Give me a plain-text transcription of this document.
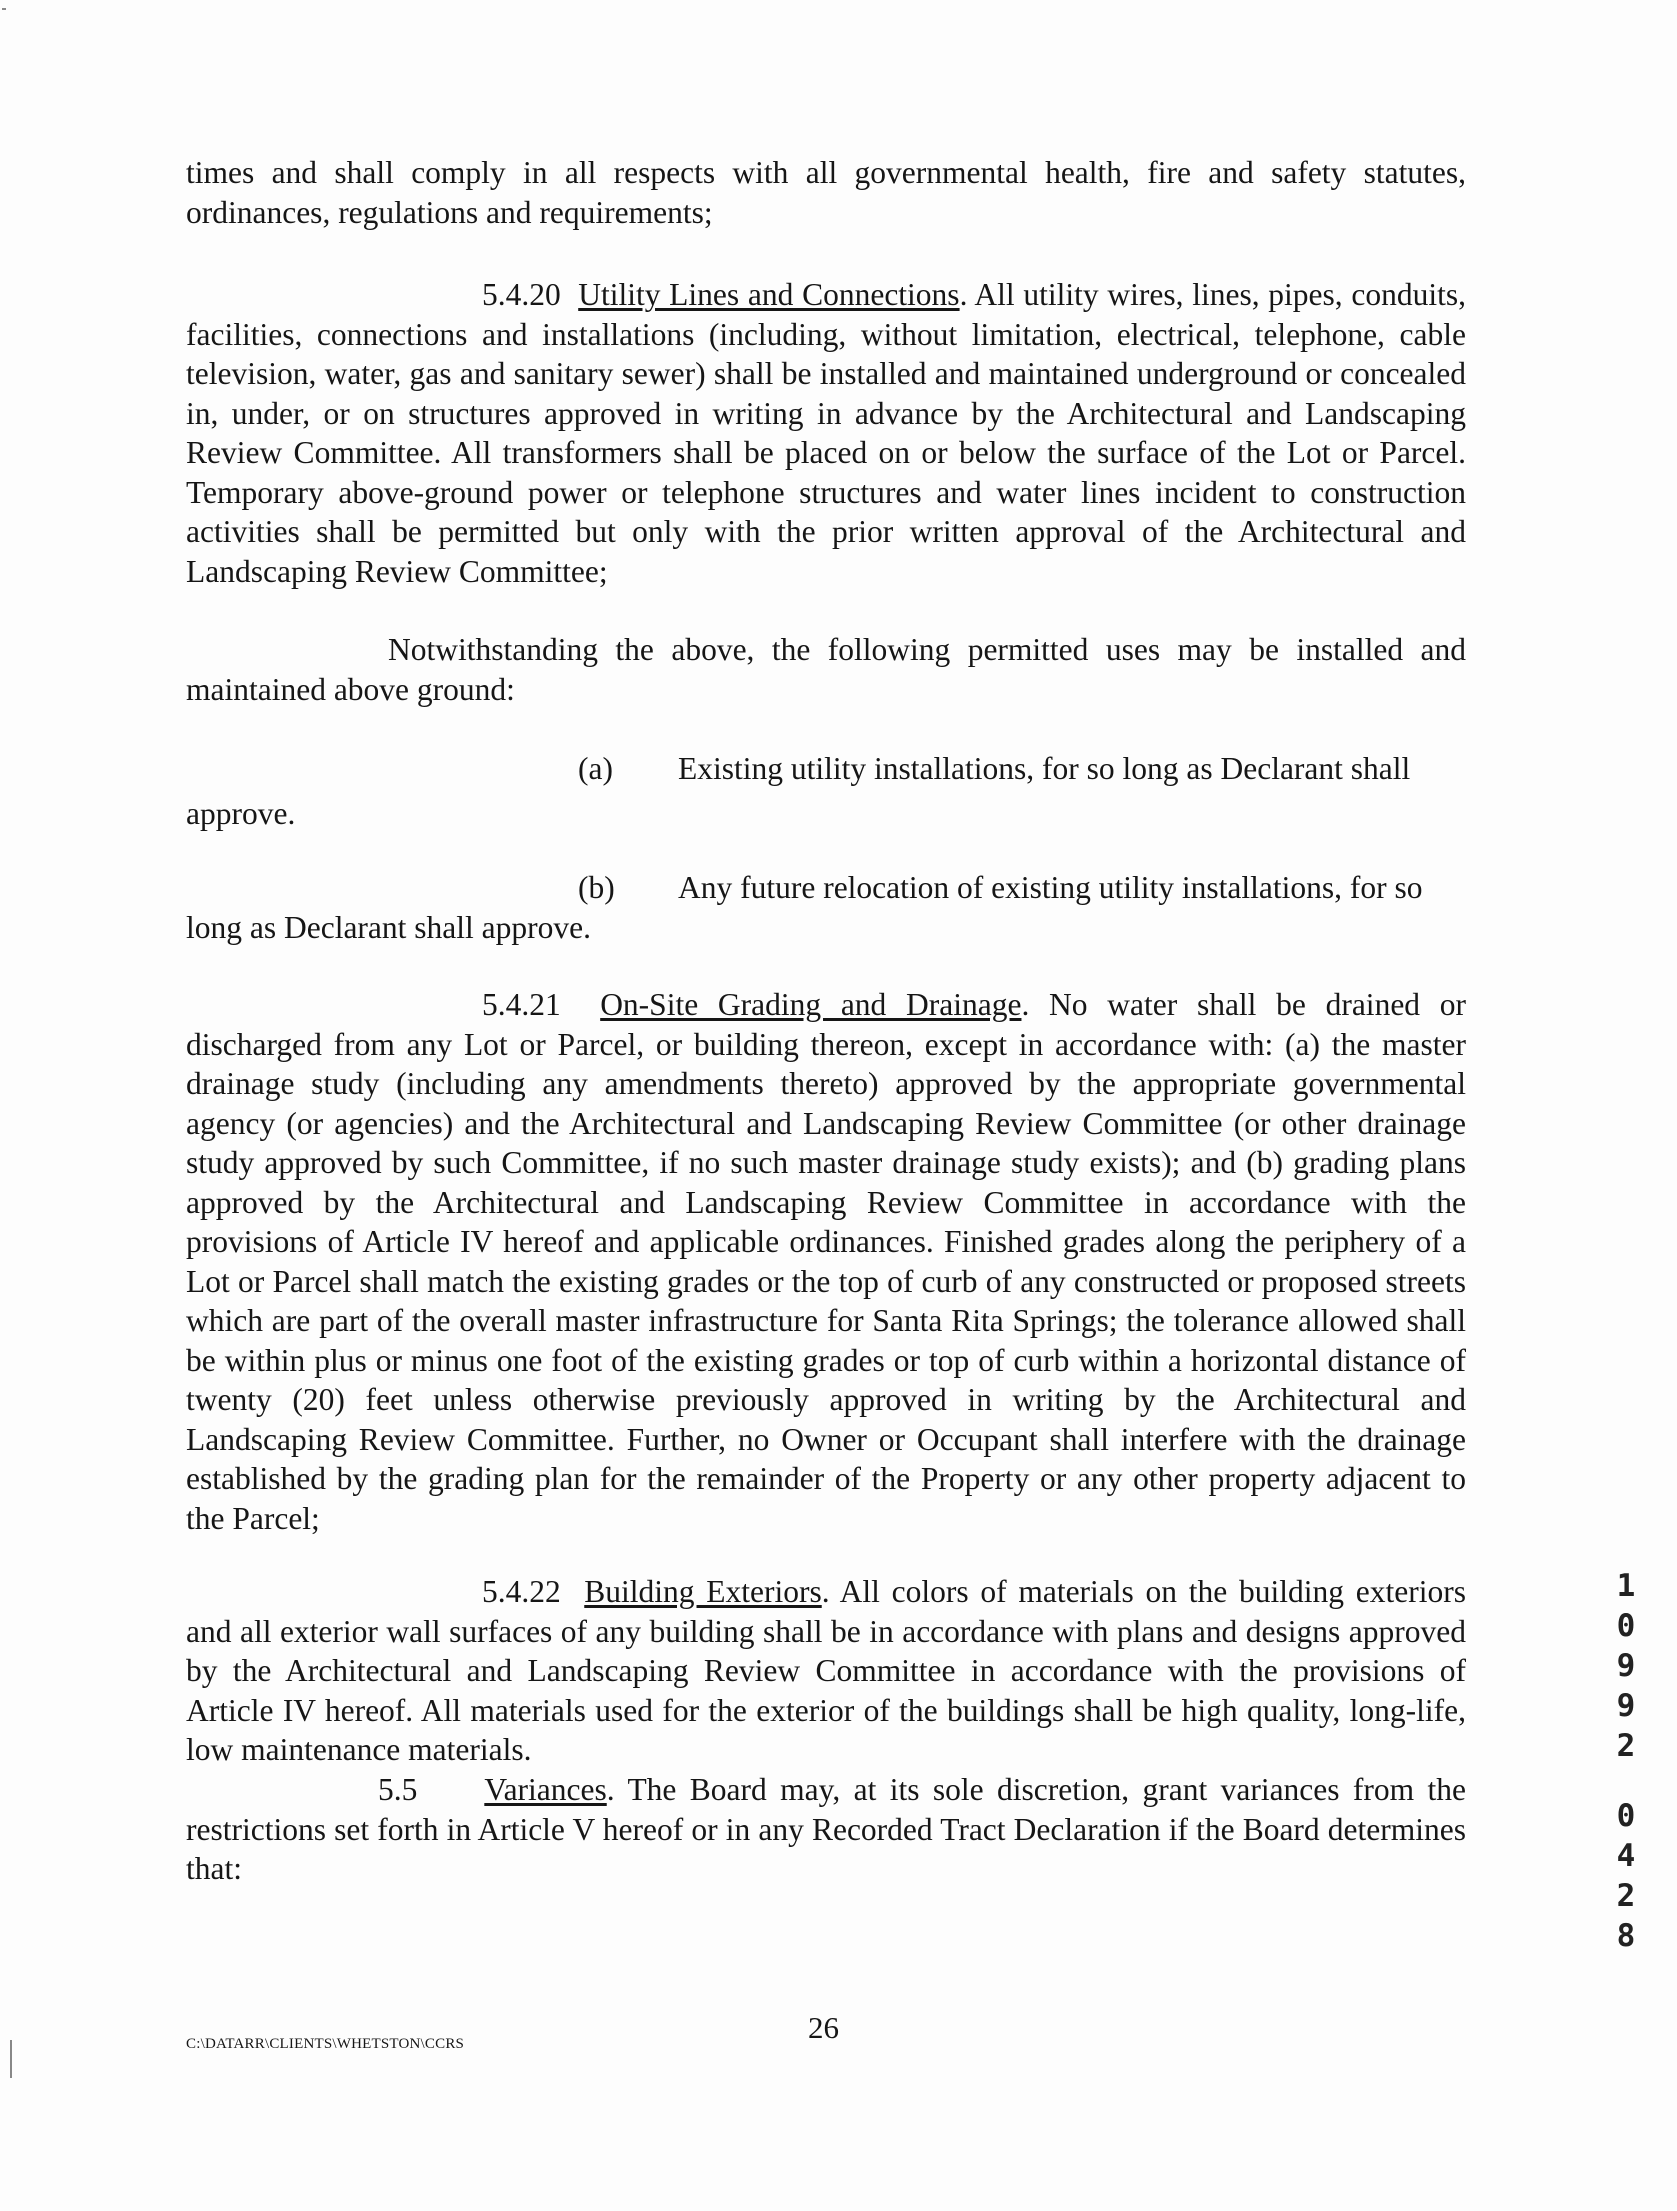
times and shall comply in all respects with all governmental health, fire and safety statutes, ordinances, regulations and requirements;
5.4.20 Utility Lines and Connections. All utility wires, lines, pipes, conduits, facilities, connections and installations (including, without limitation, electrical, telephone, cable television, water, gas and sanitary sewer) shall be installed and maintained underground or concealed in, under, or on structures approved in writing in advance by the Architectural and Landscaping Review Committee. All transformers shall be placed on or below the surface of the Lot or Parcel. Temporary above-ground power or telephone structures and water lines incident to construction activities shall be permitted but only with the prior written approval of the Architectural and Landscaping Review Committee;
Notwithstanding the above, the following permitted uses may be installed and maintained above ground:
(a) Existing utility installations, for so long as Declarant shall
approve.
(b) Any future relocation of existing utility installations, for so
long as Declarant shall approve.
5.4.21 On-Site Grading and Drainage. No water shall be drained or discharged from any Lot or Parcel, or building thereon, except in accordance with: (a) the master drainage study (including any amendments thereto) approved by the appropriate governmental agency (or agencies) and the Architectural and Landscaping Review Committee (or other drainage study approved by such Committee, if no such master drainage study exists); and (b) grading plans approved by the Architectural and Landscaping Review Committee in accordance with the provisions of Article IV hereof and applicable ordinances. Finished grades along the periphery of a Lot or Parcel shall match the existing grades or the top of curb of any constructed or proposed streets which are part of the overall master infrastructure for Santa Rita Springs; the tolerance allowed shall be within plus or minus one foot of the existing grades or top of curb within a horizontal distance of twenty (20) feet unless otherwise previously approved in writing by the Architectural and Landscaping Review Committee. Further, no Owner or Occupant shall interfere with the drainage established by the grading plan for the remainder of the Property or any other property adjacent to the Parcel;
5.4.22 Building Exteriors. All colors of materials on the building exteriors and all exterior wall surfaces of any building shall be in accordance with plans and designs approved by the Architectural and Landscaping Review Committee in accordance with the provisions of Article IV hereof. All materials used for the exterior of the buildings shall be high quality, long-life, low maintenance materials.
5.5 Variances. The Board may, at its sole discretion, grant variances from the restrictions set forth in Article V hereof or in any Recorded Tract Declaration if the Board determines that:
C:\DATARR\CLIENTS\WHETSTON\CCRS	26
1
0
9
9
2
0
4
2
8
